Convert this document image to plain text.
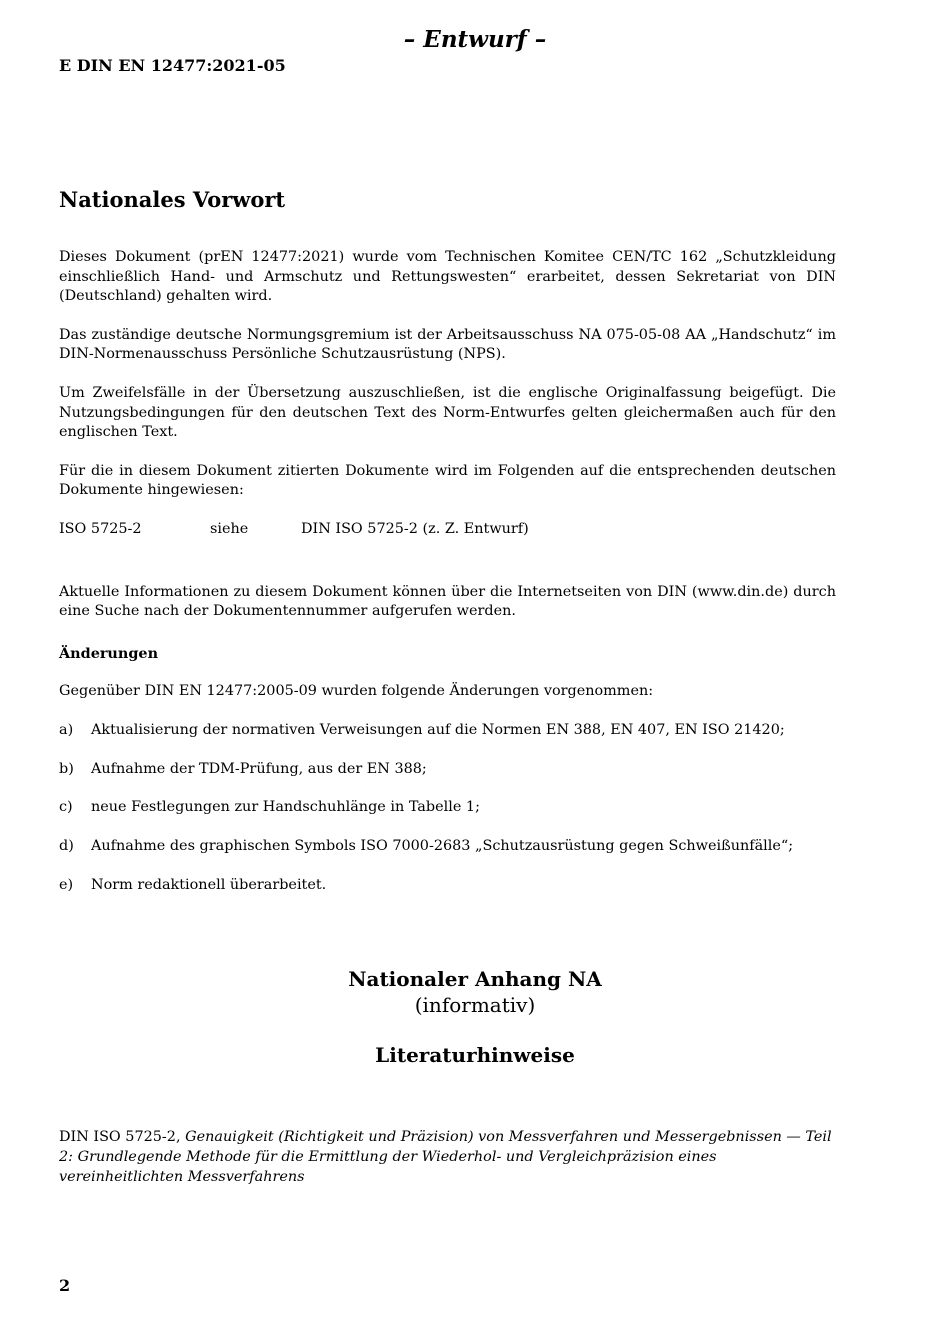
– Entwurf –
E DIN EN 12477:2021-05
Nationales Vorwort

Dieses Dokument (prEN 12477:2021) wurde vom Technischen Komitee CEN/TC 162 „Schutzkleidung einschließlich Hand- und Armschutz und Rettungswesten“ erarbeitet, dessen Sekretariat von DIN (Deutschland) gehalten wird.

Das zuständige deutsche Normungsgremium ist der Arbeitsausschuss NA 075-05-08 AA „Handschutz“ im DIN-Normenausschuss Persönliche Schutzausrüstung (NPS).

Um Zweifelsfälle in der Übersetzung auszuschließen, ist die englische Originalfassung beigefügt. Die Nutzungsbedingungen für den deutschen Text des Norm-Entwurfes gelten gleichermaßen auch für den englischen Text.

Für die in diesem Dokument zitierten Dokumente wird im Folgenden auf die entsprechenden deutschen Dokumente hingewiesen:

ISO 5725-2	siehe	DIN ISO 5725-2 (z. Z. Entwurf)

Aktuelle Informationen zu diesem Dokument können über die Internetseiten von DIN (www.din.de) durch eine Suche nach der Dokumentennummer aufgerufen werden.

Änderungen

Gegenüber DIN EN 12477:2005-09 wurden folgende Änderungen vorgenommen:

a)	Aktualisierung der normativen Verweisungen auf die Normen EN 388, EN 407, EN ISO 21420;
b)	Aufnahme der TDM-Prüfung, aus der EN 388;
c)	neue Festlegungen zur Handschuhlänge in Tabelle 1;
d)	Aufnahme des graphischen Symbols ISO 7000-2683 „Schutzausrüstung gegen Schweißunfälle“;
e)	Norm redaktionell überarbeitet.
Nationaler Anhang NA
(informativ)
Literaturhinweise
DIN ISO 5725-2, Genauigkeit (Richtigkeit und Präzision) von Messverfahren und Messergebnissen — Teil 2: Grundlegende Methode für die Ermittlung der Wiederhol- und Vergleichpräzision eines vereinheitlichten Messverfahrens
2
